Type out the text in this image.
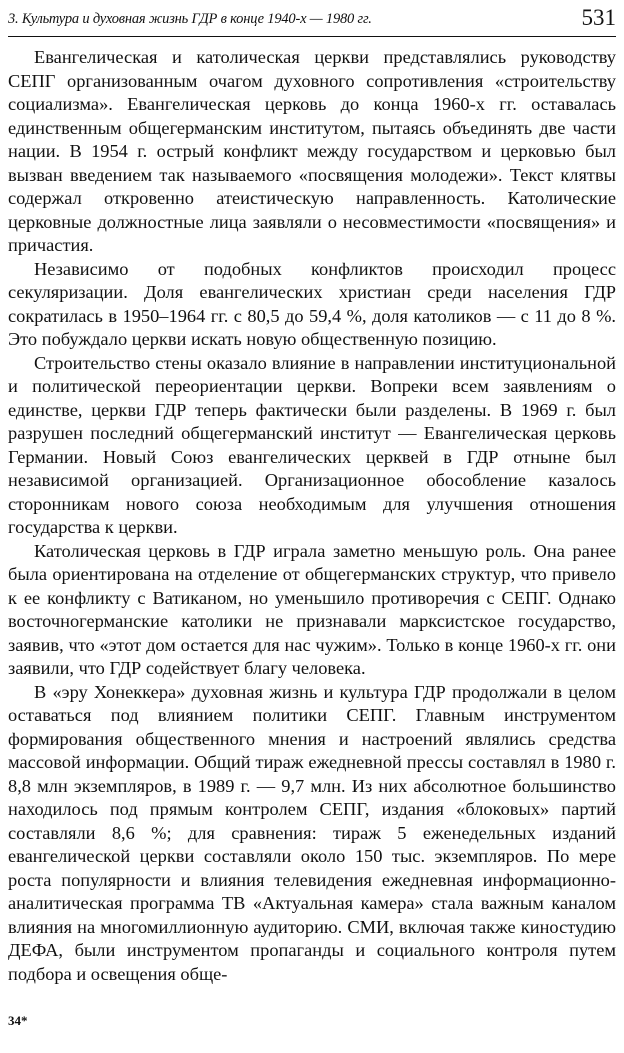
3. Культура и духовная жизнь ГДР в конце 1940-х — 1980 гг.	531

Евангелическая и католическая церкви представлялись руководству СЕПГ организованным очагом духовного сопротивления «строительству социализма». Евангелическая церковь до конца 1960-х гг. оставалась единственным общегерманским институтом, пытаясь объединять две части нации. В 1954 г. острый конфликт между государством и церковью был вызван введением так называемого «посвящения молодежи». Текст клятвы содержал откровенно атеистическую направленность. Католические церковные должностные лица заявляли о несовместимости «посвящения» и причастия.

Независимо от подобных конфликтов происходил процесс секуляризации. Доля евангелических христиан среди населения ГДР сократилась в 1950–1964 гг. с 80,5 до 59,4 %, доля католиков — с 11 до 8 %. Это побуждало церкви искать новую общественную позицию.

Строительство стены оказало влияние в направлении институциональной и политической переориентации церкви. Вопреки всем заявлениям о единстве, церкви ГДР теперь фактически были разделены. В 1969 г. был разрушен последний общегерманский институт — Евангелическая церковь Германии. Новый Союз евангелических церквей в ГДР отныне был независимой организацией. Организационное обособление казалось сторонникам нового союза необходимым для улучшения отношения государства к церкви.

Католическая церковь в ГДР играла заметно меньшую роль. Она ранее была ориентирована на отделение от общегерманских структур, что привело к ее конфликту с Ватиканом, но уменьшило противоречия с СЕПГ. Однако восточногерманские католики не признавали марксистское государство, заявив, что «этот дом остается для нас чужим». Только в конце 1960-х гг. они заявили, что ГДР содействует благу человека.

В «эру Хонеккера» духовная жизнь и культура ГДР продолжали в целом оставаться под влиянием политики СЕПГ. Главным инструментом формирования общественного мнения и настроений являлись средства массовой информации. Общий тираж ежедневной прессы составлял в 1980 г. 8,8 млн экземпляров, в 1989 г. — 9,7 млн. Из них абсолютное большинство находилось под прямым контролем СЕПГ, издания «блоковых» партий составляли 8,6 %; для сравнения: тираж 5 еженедельных изданий евангелической церкви составляли около 150 тыс. экземпляров. По мере роста популярности и влияния телевидения ежедневная информационно-аналитическая программа ТВ «Актуальная камера» стала важным каналом влияния на многомиллионную аудиторию. СМИ, включая также киностудию ДЕФА, были инструментом пропаганды и социального контроля путем подбора и освещения обще-

34*
